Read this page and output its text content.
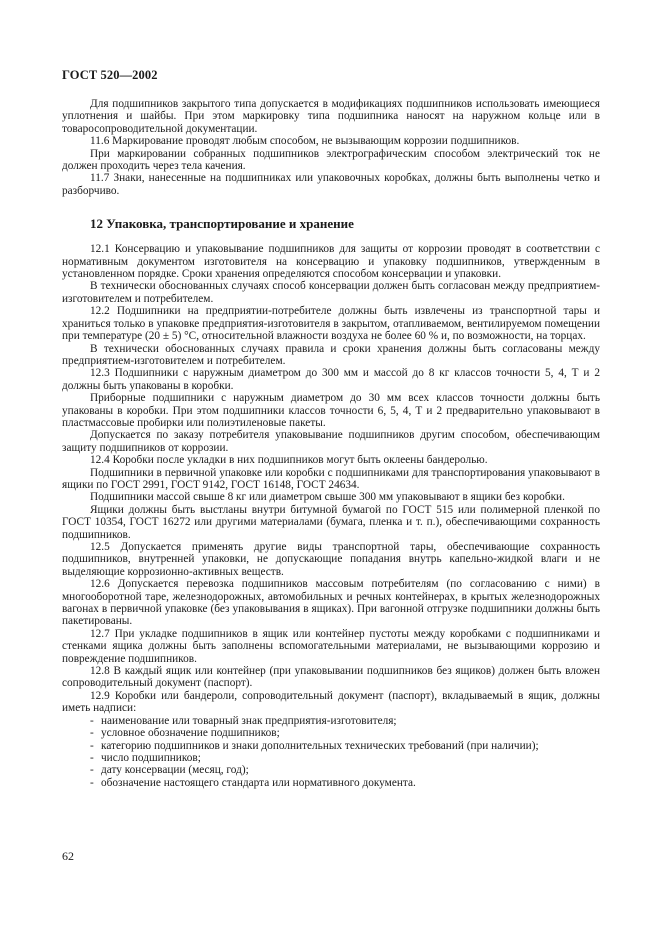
ГОСТ 520—2002

Для подшипников закрытого типа допускается в модификациях подшипников использовать имеющиеся уплотнения и шайбы. При этом маркировку типа подшипника наносят на наружном кольце или в товаросопроводительной документации.

11.6 Маркирование проводят любым способом, не вызывающим коррозии подшипников.

При маркировании собранных подшипников электрографическим способом электрический ток не должен проходить через тела качения.

11.7 Знаки, нанесенные на подшипниках или упаковочных коробках, должны быть выполнены четко и разборчиво.

12 Упаковка, транспортирование и хранение

12.1 Консервацию и упаковывание подшипников для защиты от коррозии проводят в соответствии с нормативным документом изготовителя на консервацию и упаковку подшипников, утвержденным в установленном порядке. Сроки хранения определяются способом консервации и упаковки.

В технически обоснованных случаях способ консервации должен быть согласован между предприятием-изготовителем и потребителем.

12.2 Подшипники на предприятии-потребителе должны быть извлечены из транспортной тары и храниться только в упаковке предприятия-изготовителя в закрытом, отапливаемом, вентилируемом помещении при температуре (20 ± 5) °С, относительной влажности воздуха не более 60 % и, по возможности, на торцах.

В технически обоснованных случаях правила и сроки хранения должны быть согласованы между предприятием-изготовителем и потребителем.

12.3 Подшипники с наружным диаметром до 300 мм и массой до 8 кг классов точности 5, 4, Т и 2 должны быть упакованы в коробки.

Приборные подшипники с наружным диаметром до 30 мм всех классов точности должны быть упакованы в коробки. При этом подшипники классов точности 6, 5, 4, Т и 2 предварительно упаковывают в пластмассовые пробирки или полиэтиленовые пакеты.

Допускается по заказу потребителя упаковывание подшипников другим способом, обеспечивающим защиту подшипников от коррозии.

12.4 Коробки после укладки в них подшипников могут быть оклеены бандеролью.

Подшипники в первичной упаковке или коробки с подшипниками для транспортирования упаковывают в ящики по ГОСТ 2991, ГОСТ 9142, ГОСТ 16148, ГОСТ 24634.

Подшипники массой свыше 8 кг или диаметром свыше 300 мм упаковывают в ящики без коробки.

Ящики должны быть выстланы внутри битумной бумагой по ГОСТ 515 или полимерной пленкой по ГОСТ 10354, ГОСТ 16272 или другими материалами (бумага, пленка и т. п.), обеспечивающими сохранность подшипников.

12.5 Допускается применять другие виды транспортной тары, обеспечивающие сохранность подшипников, внутренней упаковки, не допускающие попадания внутрь капельно-жидкой влаги и не выделяющие коррозионно-активных веществ.

12.6 Допускается перевозка подшипников массовым потребителям (по согласованию с ними) в многооборотной таре, железнодорожных, автомобильных и речных контейнерах, в крытых железнодорожных вагонах в первичной упаковке (без упаковывания в ящиках). При вагонной отгрузке подшипники должны быть пакетированы.

12.7 При укладке подшипников в ящик или контейнер пустоты между коробками с подшипниками и стенками ящика должны быть заполнены вспомогательными материалами, не вызывающими коррозию и повреждение подшипников.

12.8 В каждый ящик или контейнер (при упаковывании подшипников без ящиков) должен быть вложен сопроводительный документ (паспорт).

12.9 Коробки или бандероли, сопроводительный документ (паспорт), вкладываемый в ящик, должны иметь надписи:

- наименование или товарный знак предприятия-изготовителя;
- условное обозначение подшипников;
- категорию подшипников и знаки дополнительных технических требований (при наличии);
- число подшипников;
- дату консервации (месяц, год);
- обозначение настоящего стандарта или нормативного документа.
62
